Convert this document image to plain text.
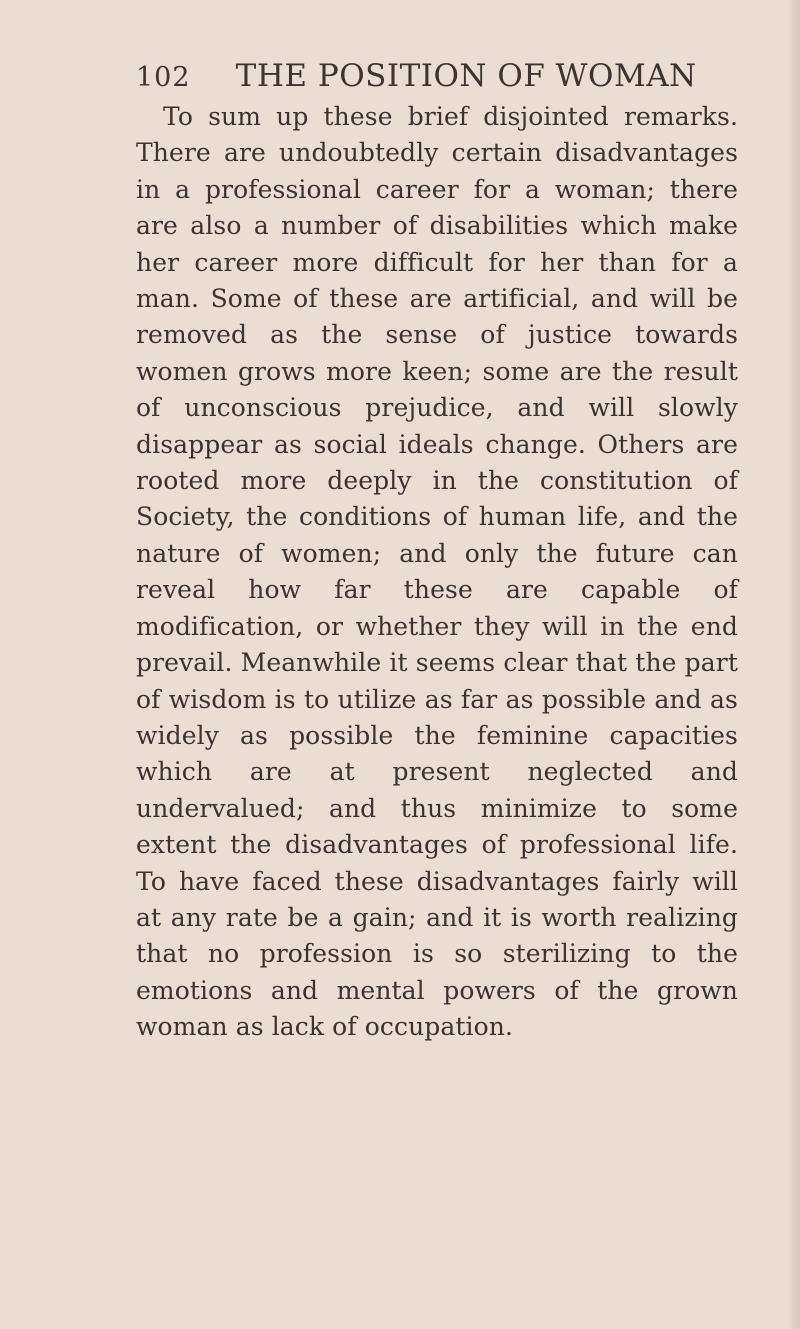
102 THE POSITION OF WOMAN

To sum up these brief disjointed remarks. There are undoubtedly certain disadvantages in a professional career for a woman; there are also a number of disabilities which make her career more difficult for her than for a man. Some of these are artificial, and will be removed as the sense of justice towards women grows more keen; some are the result of unconscious prejudice, and will slowly disappear as social ideals change. Others are rooted more deeply in the constitution of Society, the conditions of human life, and the nature of women; and only the future can reveal how far these are capable of modification, or whether they will in the end prevail. Meanwhile it seems clear that the part of wisdom is to utilize as far as possible and as widely as possible the feminine capacities which are at present neglected and undervalued; and thus minimize to some extent the disadvantages of professional life. To have faced these disadvantages fairly will at any rate be a gain; and it is worth realizing that no profession is so sterilizing to the emotions and mental powers of the grown woman as lack of occupation.
